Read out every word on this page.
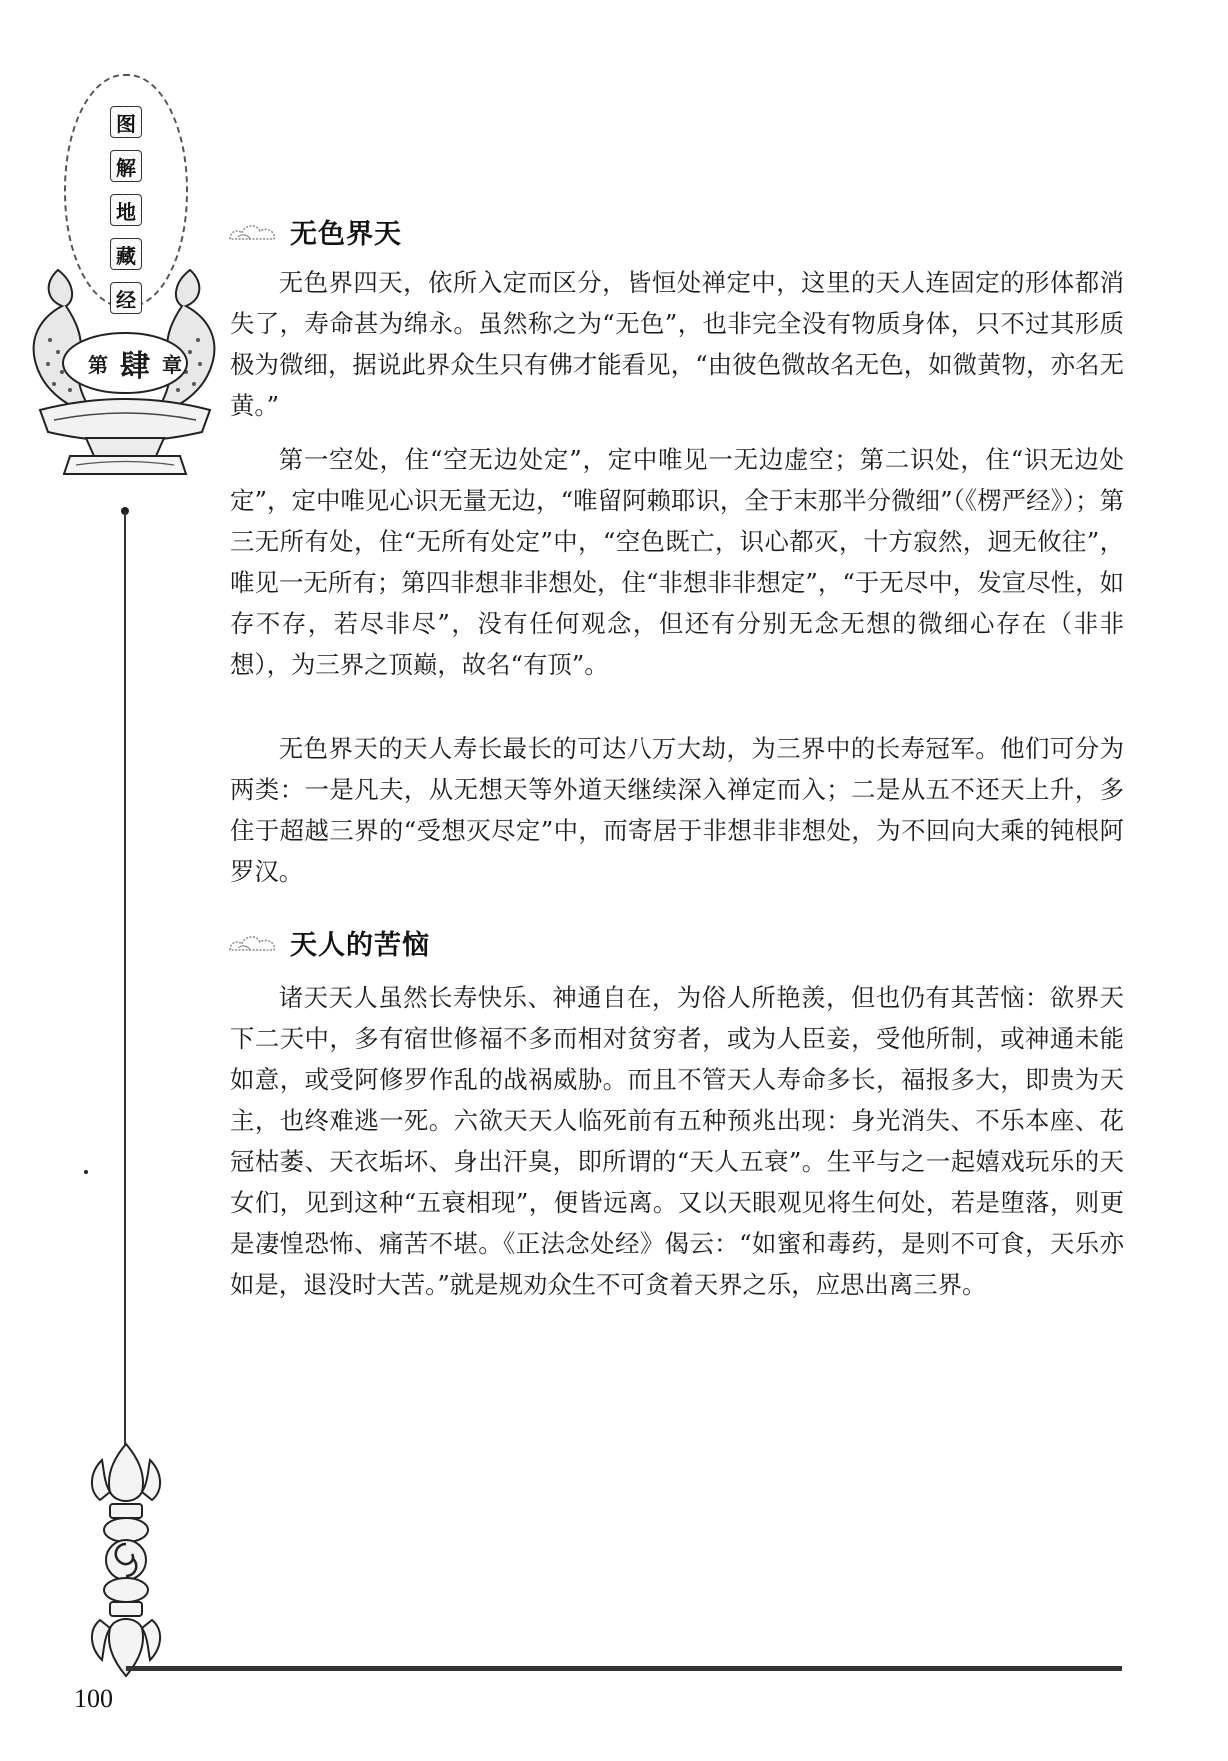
图
解
地
藏
经
第 肆 章
无色界天

无色界四天，依所入定而区分，皆恒处禅定中，这里的天人连固定的形体都消失了，寿命甚为绵永。虽然称之为“无色”，也非完全没有物质身体，只不过其形质极为微细，据说此界众生只有佛才能看见，“由彼色微故名无色，如微黄物，亦名无黄。”

第一空处，住“空无边处定”，定中唯见一无边虚空；第二识处，住“识无边处定”，定中唯见心识无量无边，“唯留阿赖耶识，全于末那半分微细”（《楞严经》）；第三无所有处，住“无所有处定”中，“空色既亡，识心都灭，十方寂然，迥无攸往”，唯见一无所有；第四非想非非想处，住“非想非非想定”，“于无尽中，发宣尽性，如存不存，若尽非尽”，没有任何观念，但还有分别无念无想的微细心存在（非非想），为三界之顶巅，故名“有顶”。

无色界天的天人寿长最长的可达八万大劫，为三界中的长寿冠军。他们可分为两类：一是凡夫，从无想天等外道天继续深入禅定而入；二是从五不还天上升，多住于超越三界的“受想灭尽定”中，而寄居于非想非非想处，为不回向大乘的钝根阿罗汉。

天人的苦恼

诸天天人虽然长寿快乐、神通自在，为俗人所艳羡，但也仍有其苦恼：欲界天下二天中，多有宿世修福不多而相对贫穷者，或为人臣妾，受他所制，或神通未能如意，或受阿修罗作乱的战祸威胁。而且不管天人寿命多长，福报多大，即贵为天主，也终难逃一死。六欲天天人临死前有五种预兆出现：身光消失、不乐本座、花冠枯萎、天衣垢坏、身出汗臭，即所谓的“天人五衰”。生平与之一起嬉戏玩乐的天女们，见到这种“五衰相现”，便皆远离。又以天眼观见将生何处，若是堕落，则更是凄惶恐怖、痛苦不堪。《正法念处经》偈云：“如蜜和毒药，是则不可食，天乐亦如是，退没时大苦。”就是规劝众生不可贪着天界之乐，应思出离三界。

100
